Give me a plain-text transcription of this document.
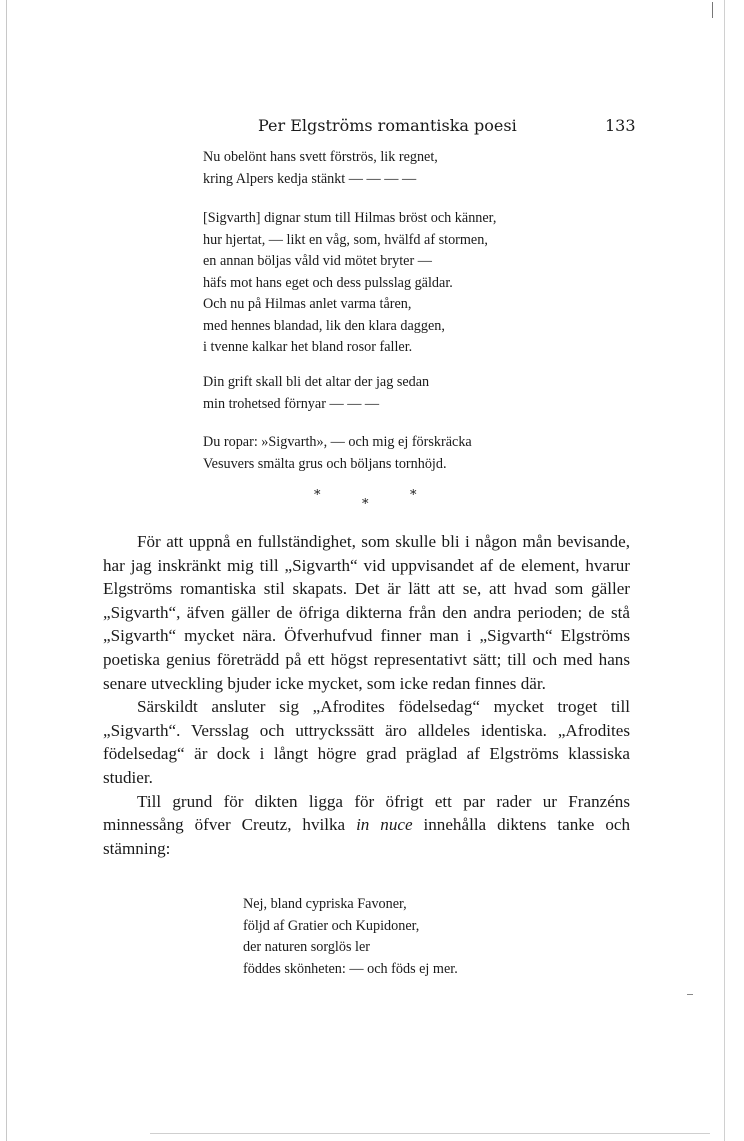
Per Elgströms romantiska poesi	133
Nu obelönt hans svett förströs, lik regnet,
kring Alpers kedja stänkt — — — —
[Sigvarth] dignar stum till Hilmas bröst och känner,
hur hjertat, — likt en våg, som, hvälfd af stormen,
en annan böljas våld vid mötet bryter —
häfs mot hans eget och dess pulsslag gäldar.
Och nu på Hilmas anlet varma tåren,
med hennes blandad, lik den klara daggen,
i tvenne kalkar het bland rosor faller.
Din grift skall bli det altar der jag sedan
min trohetsed förnyar — — —
Du ropar: »Sigvarth», — och mig ej förskräcka
Vesuvers smälta grus och böljans tornhöjd.
*
*
*

För att uppnå en fullständighet, som skulle bli i någon mån bevisande, har jag inskränkt mig till „Sigvarth“ vid uppvisandet af de element, hvarur Elgströms romantiska stil skapats. Det är lätt att se, att hvad som gäller „Sigvarth“, äfven gäller de öfriga dikterna från den andra perioden; de stå „Sigvarth“ mycket nära. Öfverhufvud finner man i „Sigvarth“ Elgströms poetiska genius företrädd på ett högst representativt sätt; till och med hans senare utveckling bjuder icke mycket, som icke redan finnes där.

Särskildt ansluter sig „Afrodites födelsedag“ mycket troget till „Sigvarth“. Versslag och uttryckssätt äro alldeles identiska. „Afrodites födelsedag“ är dock i långt högre grad präglad af Elgströms klassiska studier.

Till grund för dikten ligga för öfrigt ett par rader ur Franzéns minnessång öfver Creutz, hvilka in nuce innehålla diktens tanke och stämning:

Nej, bland cypriska Favoner,
följd af Gratier och Kupidoner,
der naturen sorglös ler
föddes skönheten: — och föds ej mer.
